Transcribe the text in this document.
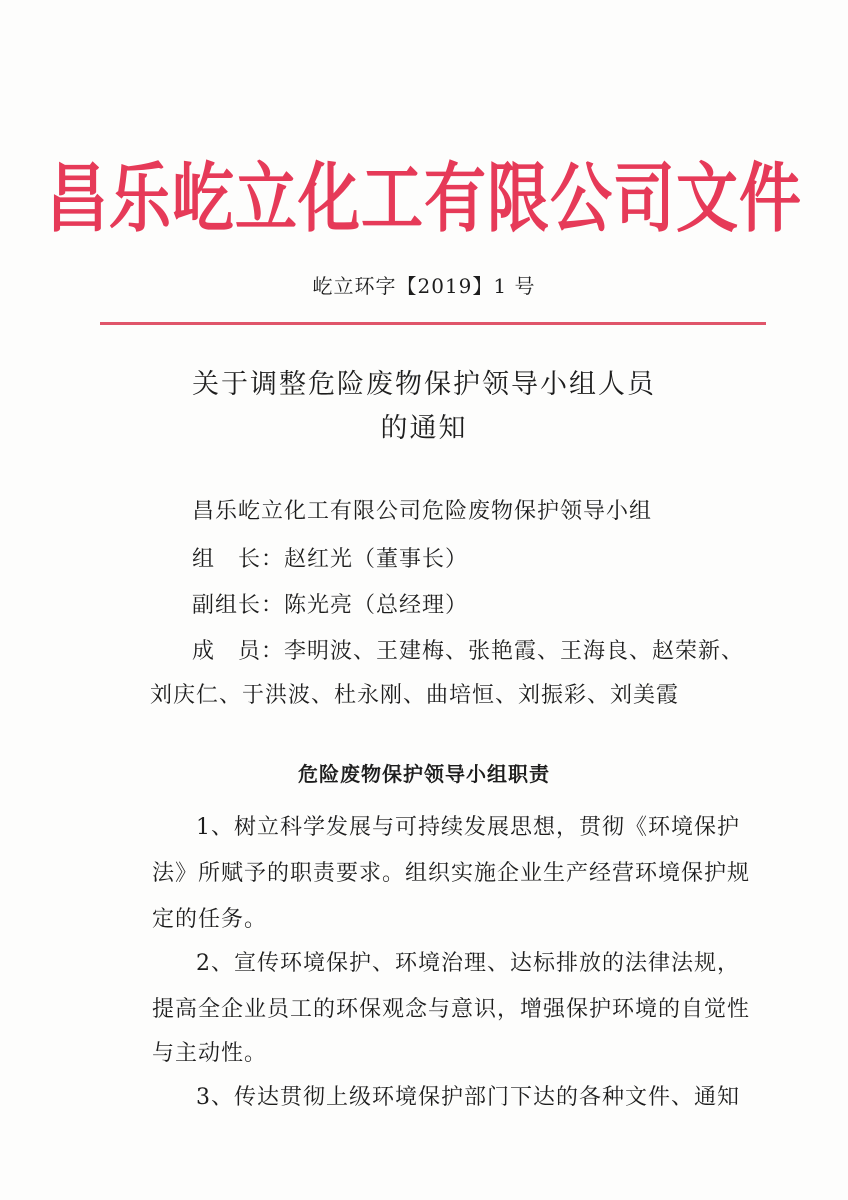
昌乐屹立化工有限公司文件
屹立环字【2019】1 号
关于调整危险废物保护领导小组人员
的通知
昌乐屹立化工有限公司危险废物保护领导小组
组　长：赵红光（董事长）
副组长：陈光亮（总经理）
成　员：李明波、王建梅、张艳霞、王海良、赵荣新、
刘庆仁、于洪波、杜永刚、曲培恒、刘振彩、刘美霞
危险废物保护领导小组职责
1、树立科学发展与可持续发展思想，贯彻《环境保护
法》所赋予的职责要求。组织实施企业生产经营环境保护规
定的任务。
2、宣传环境保护、环境治理、达标排放的法律法规，
提高全企业员工的环保观念与意识，增强保护环境的自觉性
与主动性。
3、传达贯彻上级环境保护部门下达的各种文件、通知
